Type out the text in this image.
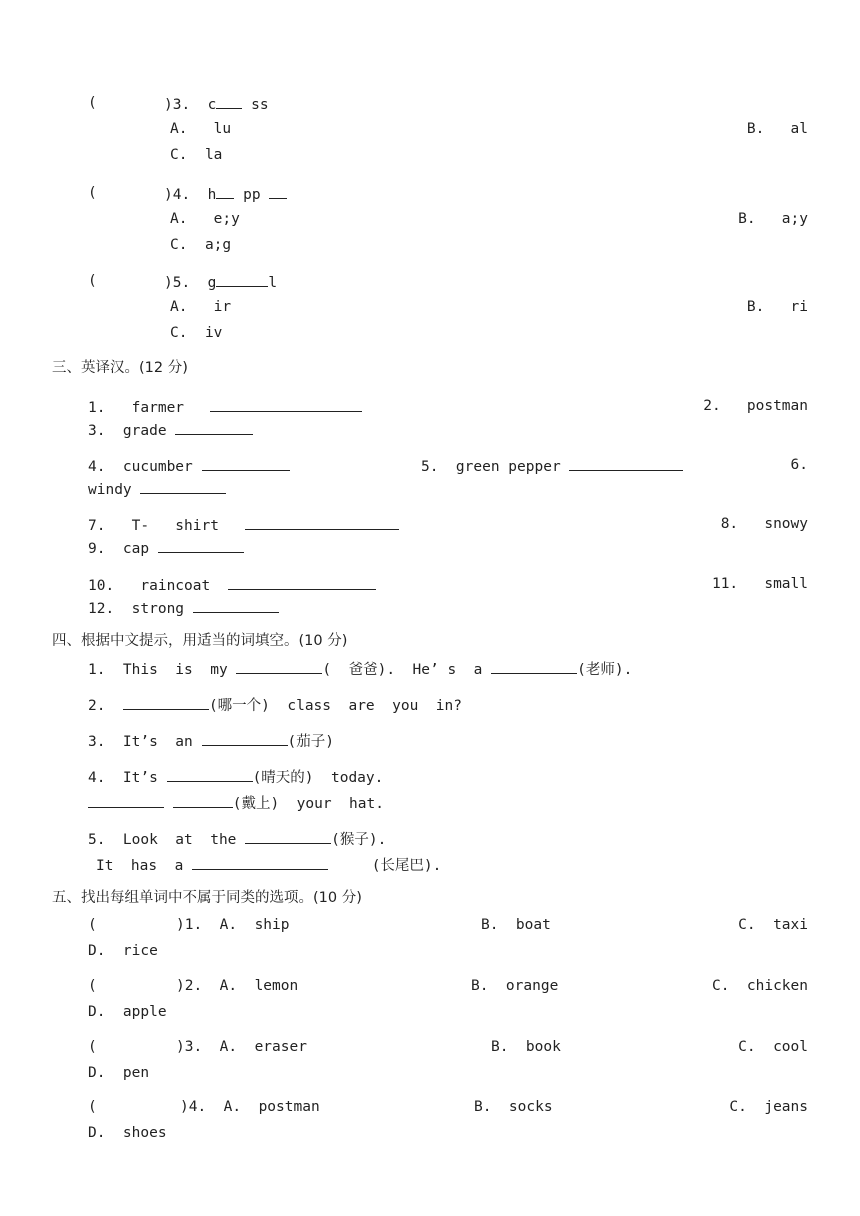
(	)3. c ss
A. lu	B. al
C. la
(	)4. h pp
A. e;y	B. a;y
C. a;g
(	)5. g	l
A. ir	B. ri
C. iv
三、英译汉。(12 分)
1.   farmer	2.   postman
3.  grade
4.  cucumber	5.  green pepper	6.
windy
7.   T-   shirt	8.   snowy
9.  cap
10.   raincoat	11.   small
12.  strong
四、根据中文提示，用适当的词填空。(10 分)
1.  This  is  my	(  爸爸).  He’ s  a	(老师).
2.	(哪一个)  class  are  you  in?
3.  It’s  an	(茄子)
4.  It’s	(晴天的)  today.
(戴上)  your  hat.
5.  Look  at  the	(猴子).
It  has  a	(长尾巴).
五、找出每组单词中不属于同类的选项。(10 分)
(	)1.  A.  ship	B.  boat	C.  taxi
D.  rice
(	)2.  A.  lemon	B.  orange	C.  chicken
D.  apple
(	)3.  A.  eraser	B.  book	C.  cool
D.  pen
(	)4.  A.  postman	B.  socks	C.  jeans
D.  shoes
